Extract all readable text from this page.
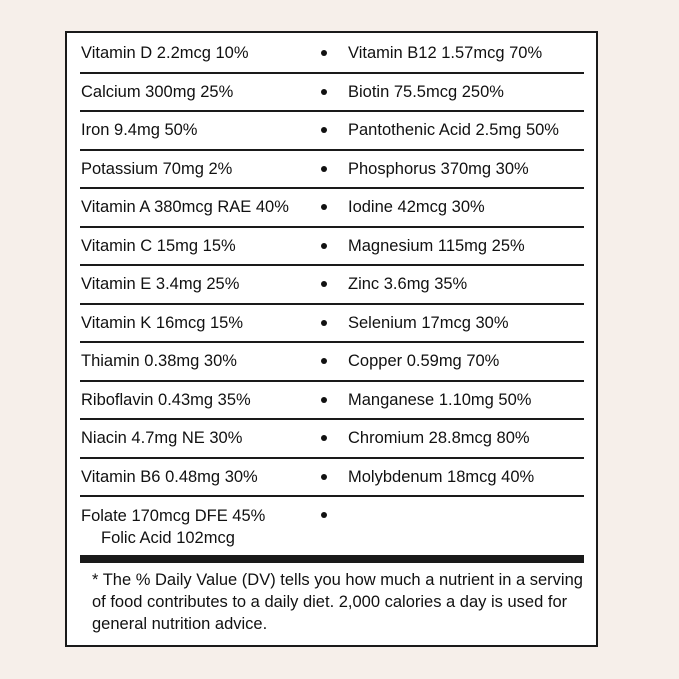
Vitamin D 2.2mcg 10%	Vitamin B12 1.57mcg 70%
Calcium 300mg 25%	Biotin 75.5mcg 250%
Iron 9.4mg 50%	Pantothenic Acid 2.5mg 50%
Potassium 70mg 2%	Phosphorus 370mg 30%
Vitamin A 380mcg RAE 40%	Iodine 42mcg 30%
Vitamin C 15mg 15%	Magnesium 115mg 25%
Vitamin E 3.4mg 25%	Zinc 3.6mg 35%
Vitamin K 16mcg 15%	Selenium 17mcg 30%
Thiamin 0.38mg 30%	Copper 0.59mg 70%
Riboflavin 0.43mg 35%	Manganese 1.10mg 50%
Niacin 4.7mg NE 30%	Chromium 28.8mcg 80%
Vitamin B6 0.48mg 30%	Molybdenum 18mcg 40%
Folate 170mcg DFE 45%
Folic Acid 102mcg
* The % Daily Value (DV) tells you how much a nutrient in a serving of food contributes to a daily diet. 2,000 calories a day is used for general nutrition advice.
